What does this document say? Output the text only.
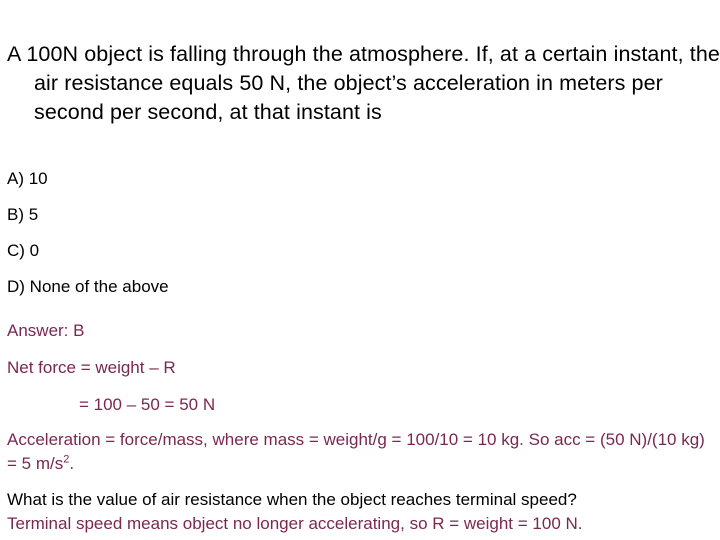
A 100N object is falling through the atmosphere. If, at a certain instant, the air resistance equals 50 N, the object’s acceleration in meters per second per second, at that instant is
A) 10
B) 5
C) 0
D) None of the above
Answer: B
Net force = weight – R
= 100 – 50 = 50 N
Acceleration = force/mass, where mass = weight/g = 100/10 = 10 kg. So acc = (50 N)/(10 kg) = 5 $m/s^2$.
What is the value of air resistance when the object reaches terminal speed?
Terminal speed means object no longer accelerating, so R = weight = 100 N.
